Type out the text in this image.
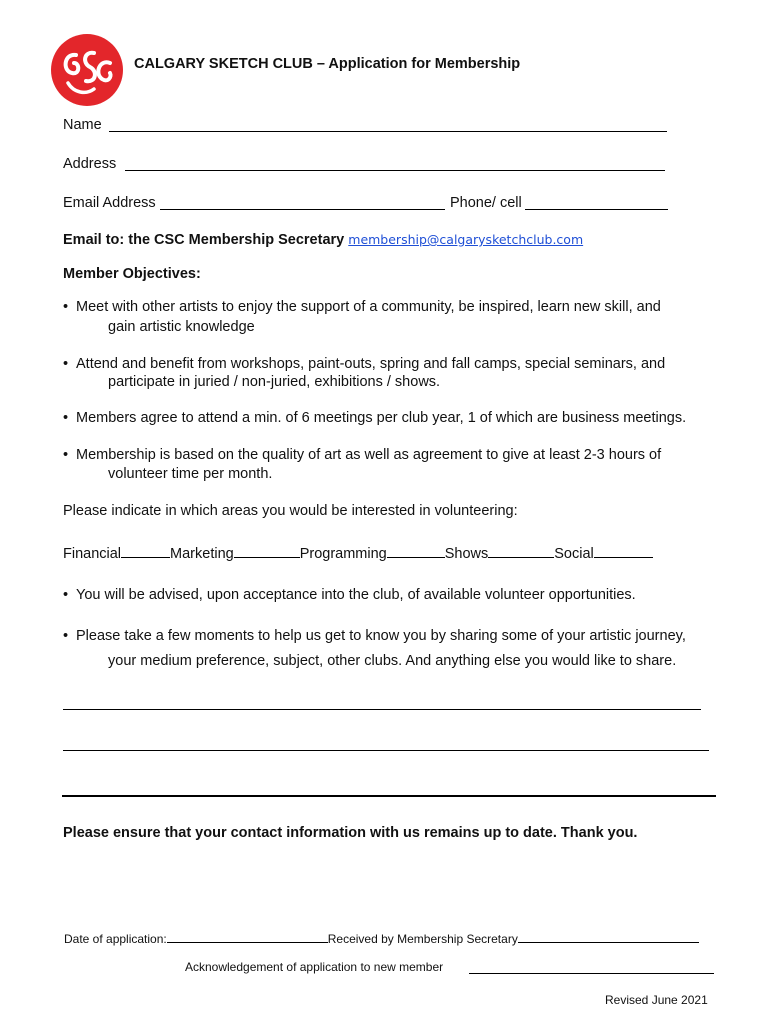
CALGARY SKETCH CLUB – Application for Membership
Name
Address
Email Address	Phone/ cell
Email to: the CSC Membership Secretary membership@calgarysketchclub.com
Member Objectives:
• Meet with other artists to enjoy the support of a community, be inspired, learn new skill, and
gain artistic knowledge
• Attend and benefit from workshops, paint-outs, spring and fall camps, special seminars, and
participate in juried / non-juried, exhibitions / shows.
• Members agree to attend a min. of 6 meetings per club year, 1 of which are business meetings.
• Membership is based on the quality of art as well as agreement to give at least 2-3 hours of
volunteer time per month.
Please indicate in which areas you would be interested in volunteering:
Financial	Marketing	Programming	Shows	Social
• You will be advised, upon acceptance into the club, of available volunteer opportunities.
• Please take a few moments to help us get to know you by sharing some of your artistic journey,
your medium preference, subject, other clubs. And anything else you would like to share.
Please ensure that your contact information with us remains up to date. Thank you.
Date of application:	Received by Membership Secretary
Acknowledgement of application to new member
Revised June 2021
